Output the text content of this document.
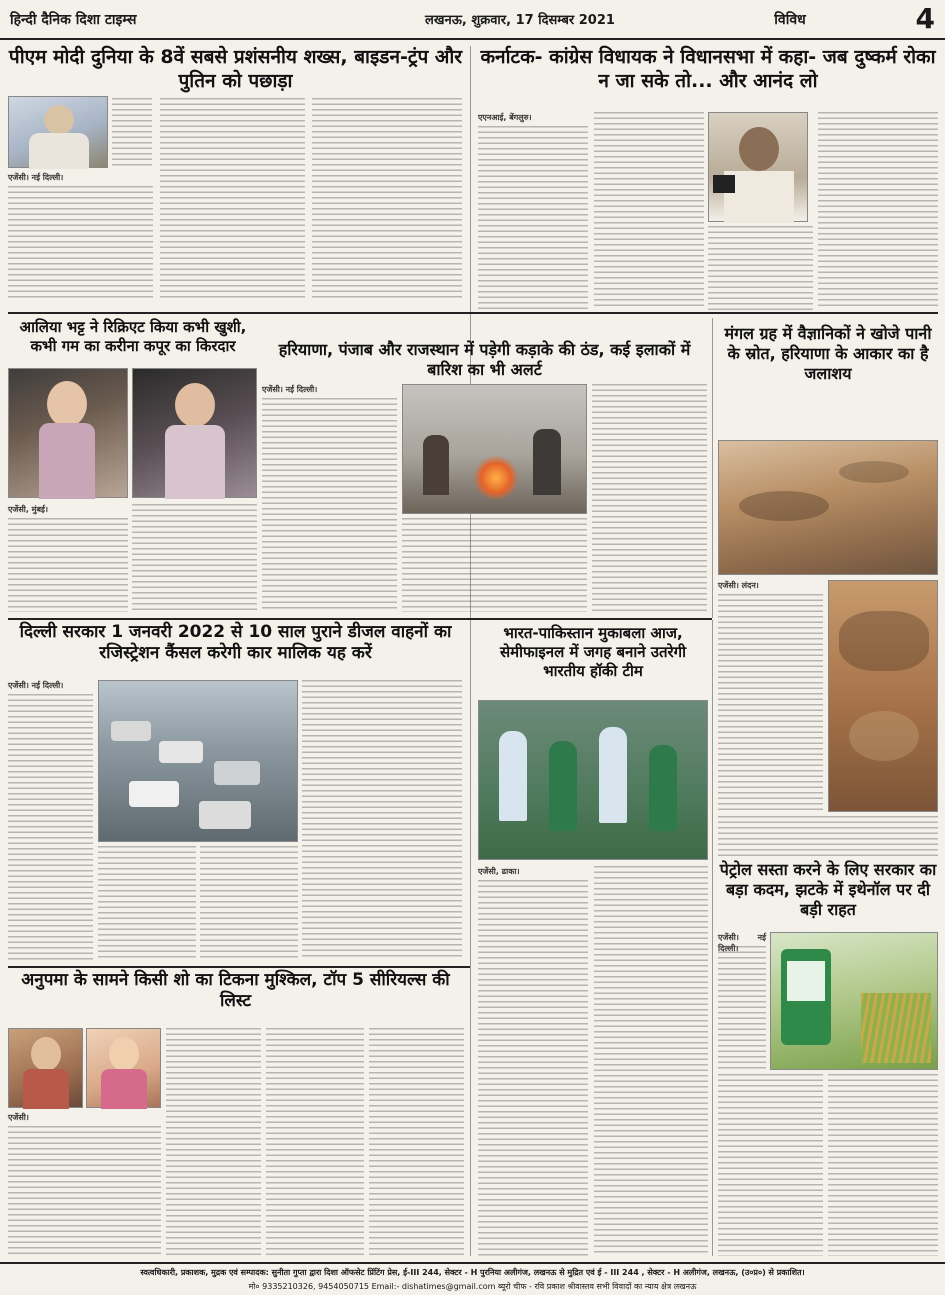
हिन्दी दैनिक दिशा टाइम्स	लखनऊ, शुक्रवार, 17 दिसम्बर 2021	विविध	4
पीएम मोदी दुनिया के 8वें सबसे प्रशंसनीय शख्स, बाइडन-ट्रंप और पुतिन को पछाड़ा
एजेंसी। नई दिल्ली।
कर्नाटक- कांग्रेस विधायक ने विधानसभा में कहा- जब दुष्कर्म रोका न जा सके तो... और आनंद लो
एएनआई, बेंगलुरु।
आलिया भट्ट ने रिक्रिएट किया कभी खुशी, कभी गम का करीना कपूर का किरदार
एजेंसी, मुंबई।
हरियाणा, पंजाब और राजस्थान में पड़ेगी कड़ाके की ठंड, कई इलाकों में बारिश का भी अलर्ट
एजेंसी। नई दिल्ली।
मंगल ग्रह में वैज्ञानिकों ने खोजे पानी के स्रोत, हरियाणा के आकार का है जलाशय
एजेंसी। लंदन।
दिल्ली सरकार 1 जनवरी 2022 से 10 साल पुराने डीजल वाहनों का रजिस्ट्रेशन कैंसल करेगी कार मालिक यह करें
एजेंसी। नई दिल्ली।
भारत-पाकिस्तान मुकाबला आज, सेमीफाइनल में जगह बनाने उतरेगी भारतीय हॉकी टीम
एजेंसी, ढाका।	पेट्रोल सस्ता करने के लिए सरकार का बड़ा कदम, झटके में इथेनॉल पर दी बड़ी राहत
एजेंसी। नई दिल्ली।
अनुपमा के सामने किसी शो का टिकना मुश्किल, टॉप 5 सीरियल्स की लिस्ट
एजेंसी।
स्वत्वधिकारी, प्रकाशक, मुद्रक एवं सम्पादक: सुनीता गुप्ता द्वारा दिशा ऑफसेट प्रिंटिंग प्रेस, ई-III 244, सेक्टर - H पुरनिया अलीगंज, लखनऊ से मुद्रित एवं ई - III 244 , सेक्टर - H अलीगंज, लखनऊ, (उ०प्र०) से प्रकाशित।
मो० 9335210326, 9454050715 Email:- dishatimes@gmail.com ब्यूरो चीफ - रवि प्रकाश श्रीवास्तव सभी विवादों का न्याय क्षेत्र लखनऊ
